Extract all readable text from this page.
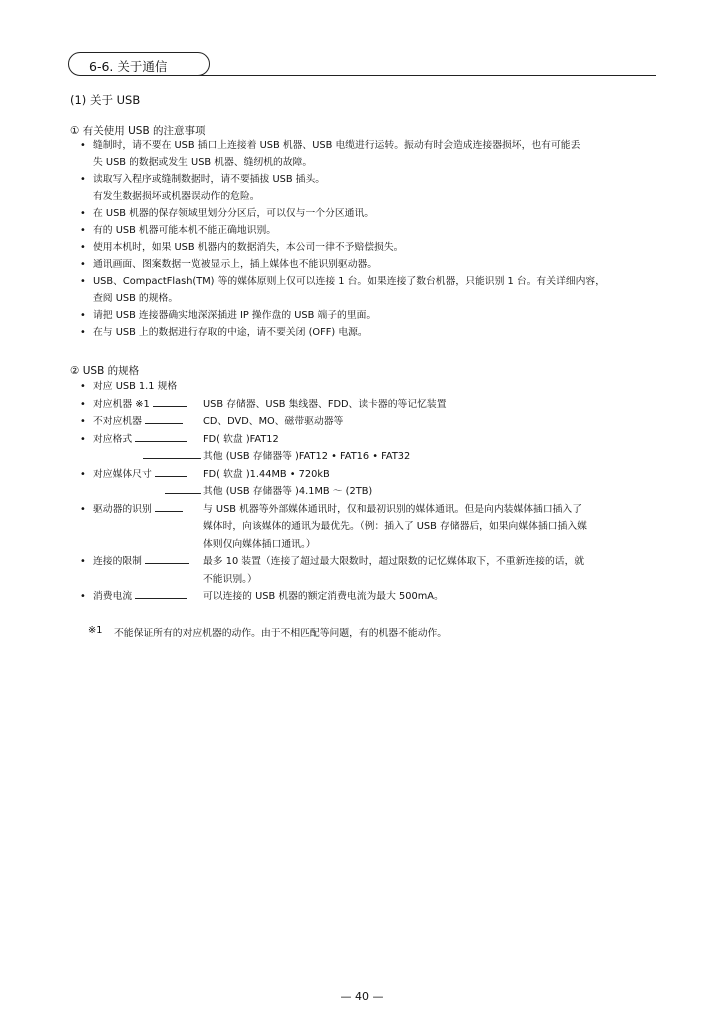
6-6. 关于通信
(1) 关于 USB
① 有关使用 USB 的注意事项
• 缝制时，请不要在 USB 插口上连接着 USB 机器、USB 电缆进行运转。振动有时会造成连接器损坏，也有可能丢
失 USB 的数据或发生 USB 机器、缝纫机的故障。
• 读取写入程序或缝制数据时，请不要插拔 USB 插头。
有发生数据损坏或机器误动作的危险。
• 在 USB 机器的保存领域里划分分区后，可以仅与一个分区通讯。
• 有的 USB 机器可能本机不能正确地识别。
• 使用本机时，如果 USB 机器内的数据消失，本公司一律不予赔偿损失。
• 通讯画面、图案数据一览被显示上，插上媒体也不能识别驱动器。
• USB、CompactFlash(TM) 等的媒体原则上仅可以连接 1 台。如果连接了数台机器，只能识别 1 台。有关详细内容，
查阅 USB 的规格。
• 请把 USB 连接器确实地深深插进 IP 操作盘的 USB 端子的里面。
• 在与 USB 上的数据进行存取的中途，请不要关闭 (OFF) 电源。
② USB 的规格
• 对应 USB 1.1 规格
• 对应机器 ※1	USB 存储器、USB 集线器、FDD、读卡器的等记忆装置
• 不对应机器	CD、DVD、MO、磁带驱动器等
• 对应格式	FD( 软盘 )FAT12
其他 (USB 存储器等 )FAT12 • FAT16 • FAT32
• 对应媒体尺寸	FD( 软盘 )1.44MB • 720kB
其他 (USB 存储器等 )4.1MB ～ (2TB)
• 驱动器的识别	与 USB 机器等外部媒体通讯时，仅和最初识别的媒体通讯。但是向内装媒体插口插入了
媒体时，向该媒体的通讯为最优先。（例：插入了 USB 存储器后，如果向媒体插口插入媒
体则仅向媒体插口通讯。）
• 连接的限制	最多 10 装置（连接了超过最大限数时，超过限数的记忆媒体取下，不重新连接的话，就
不能识别。）
• 消费电流	可以连接的 USB 机器的额定消费电流为最大 500mA。
※1	不能保证所有的对应机器的动作。由于不相匹配等问题，有的机器不能动作。
— 40 —
